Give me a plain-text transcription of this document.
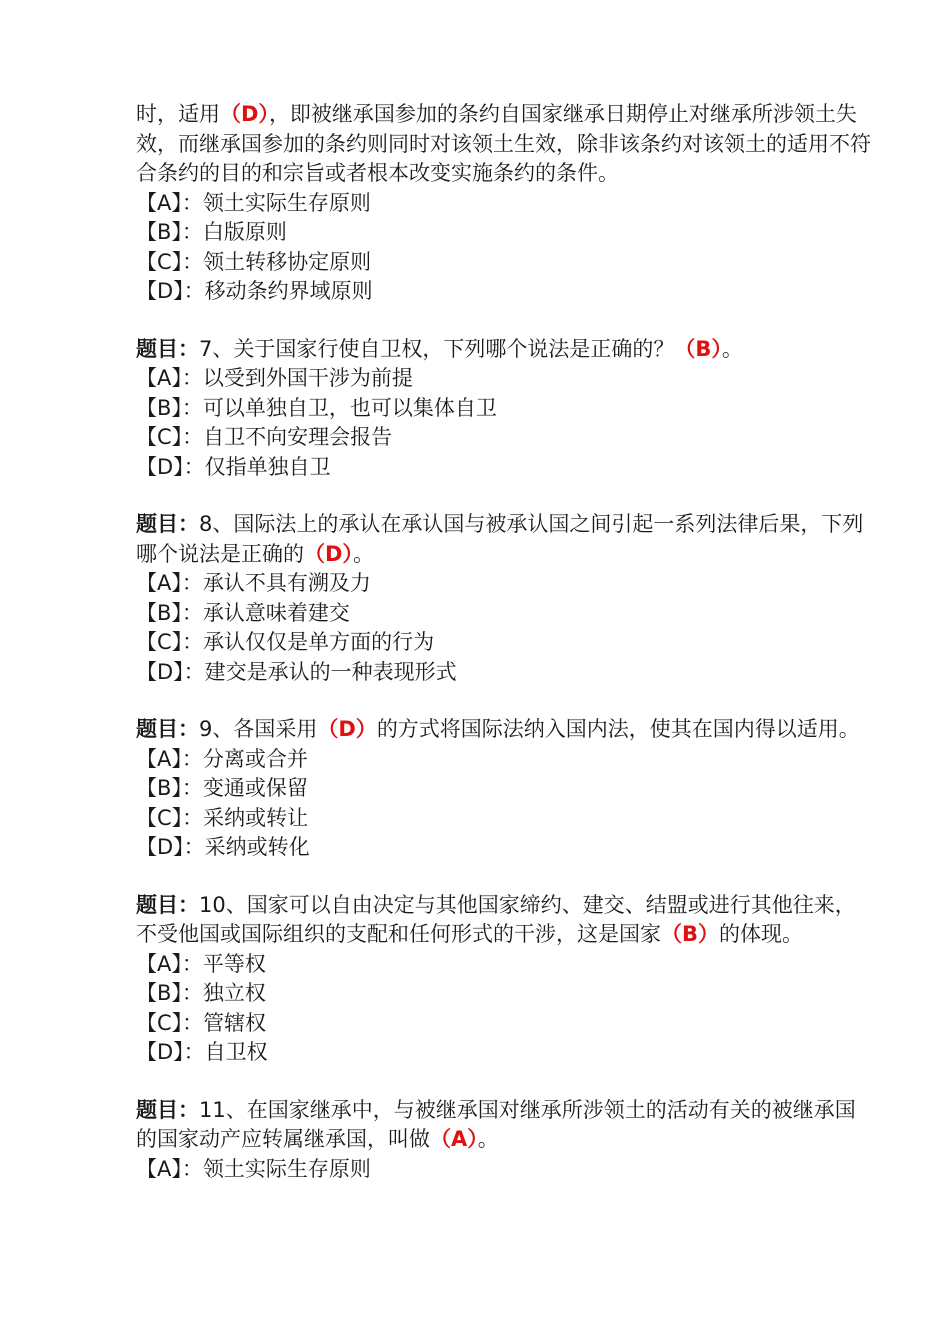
时，适用（D），即被继承国参加的条约自国家继承日期停止对继承所涉领土失效，而继承国参加的条约则同时对该领土生效，除非该条约对该领土的适用不符合条约的目的和宗旨或者根本改变实施条约的条件。

【A】：领土实际生存原则

【B】：白版原则

【C】：领土转移协定原则

【D】：移动条约界域原则

题目：7、关于国家行使自卫权，下列哪个说法是正确的？（B）。

【A】：以受到外国干涉为前提

【B】：可以单独自卫，也可以集体自卫

【C】：自卫不向安理会报告

【D】：仅指单独自卫

题目：8、国际法上的承认在承认国与被承认国之间引起一系列法律后果，下列哪个说法是正确的（D）。

【A】：承认不具有溯及力

【B】：承认意味着建交

【C】：承认仅仅是单方面的行为

【D】：建交是承认的一种表现形式

题目：9、各国采用（D）的方式将国际法纳入国内法，使其在国内得以适用。

【A】：分离或合并

【B】：变通或保留

【C】：采纳或转让

【D】：采纳或转化

题目：10、国家可以自由决定与其他国家缔约、建交、结盟或进行其他往来，不受他国或国际组织的支配和任何形式的干涉，这是国家（B）的体现。

【A】：平等权

【B】：独立权

【C】：管辖权

【D】：自卫权

题目：11、在国家继承中，与被继承国对继承所涉领土的活动有关的被继承国的国家动产应转属继承国，叫做（A）。

【A】：领土实际生存原则
